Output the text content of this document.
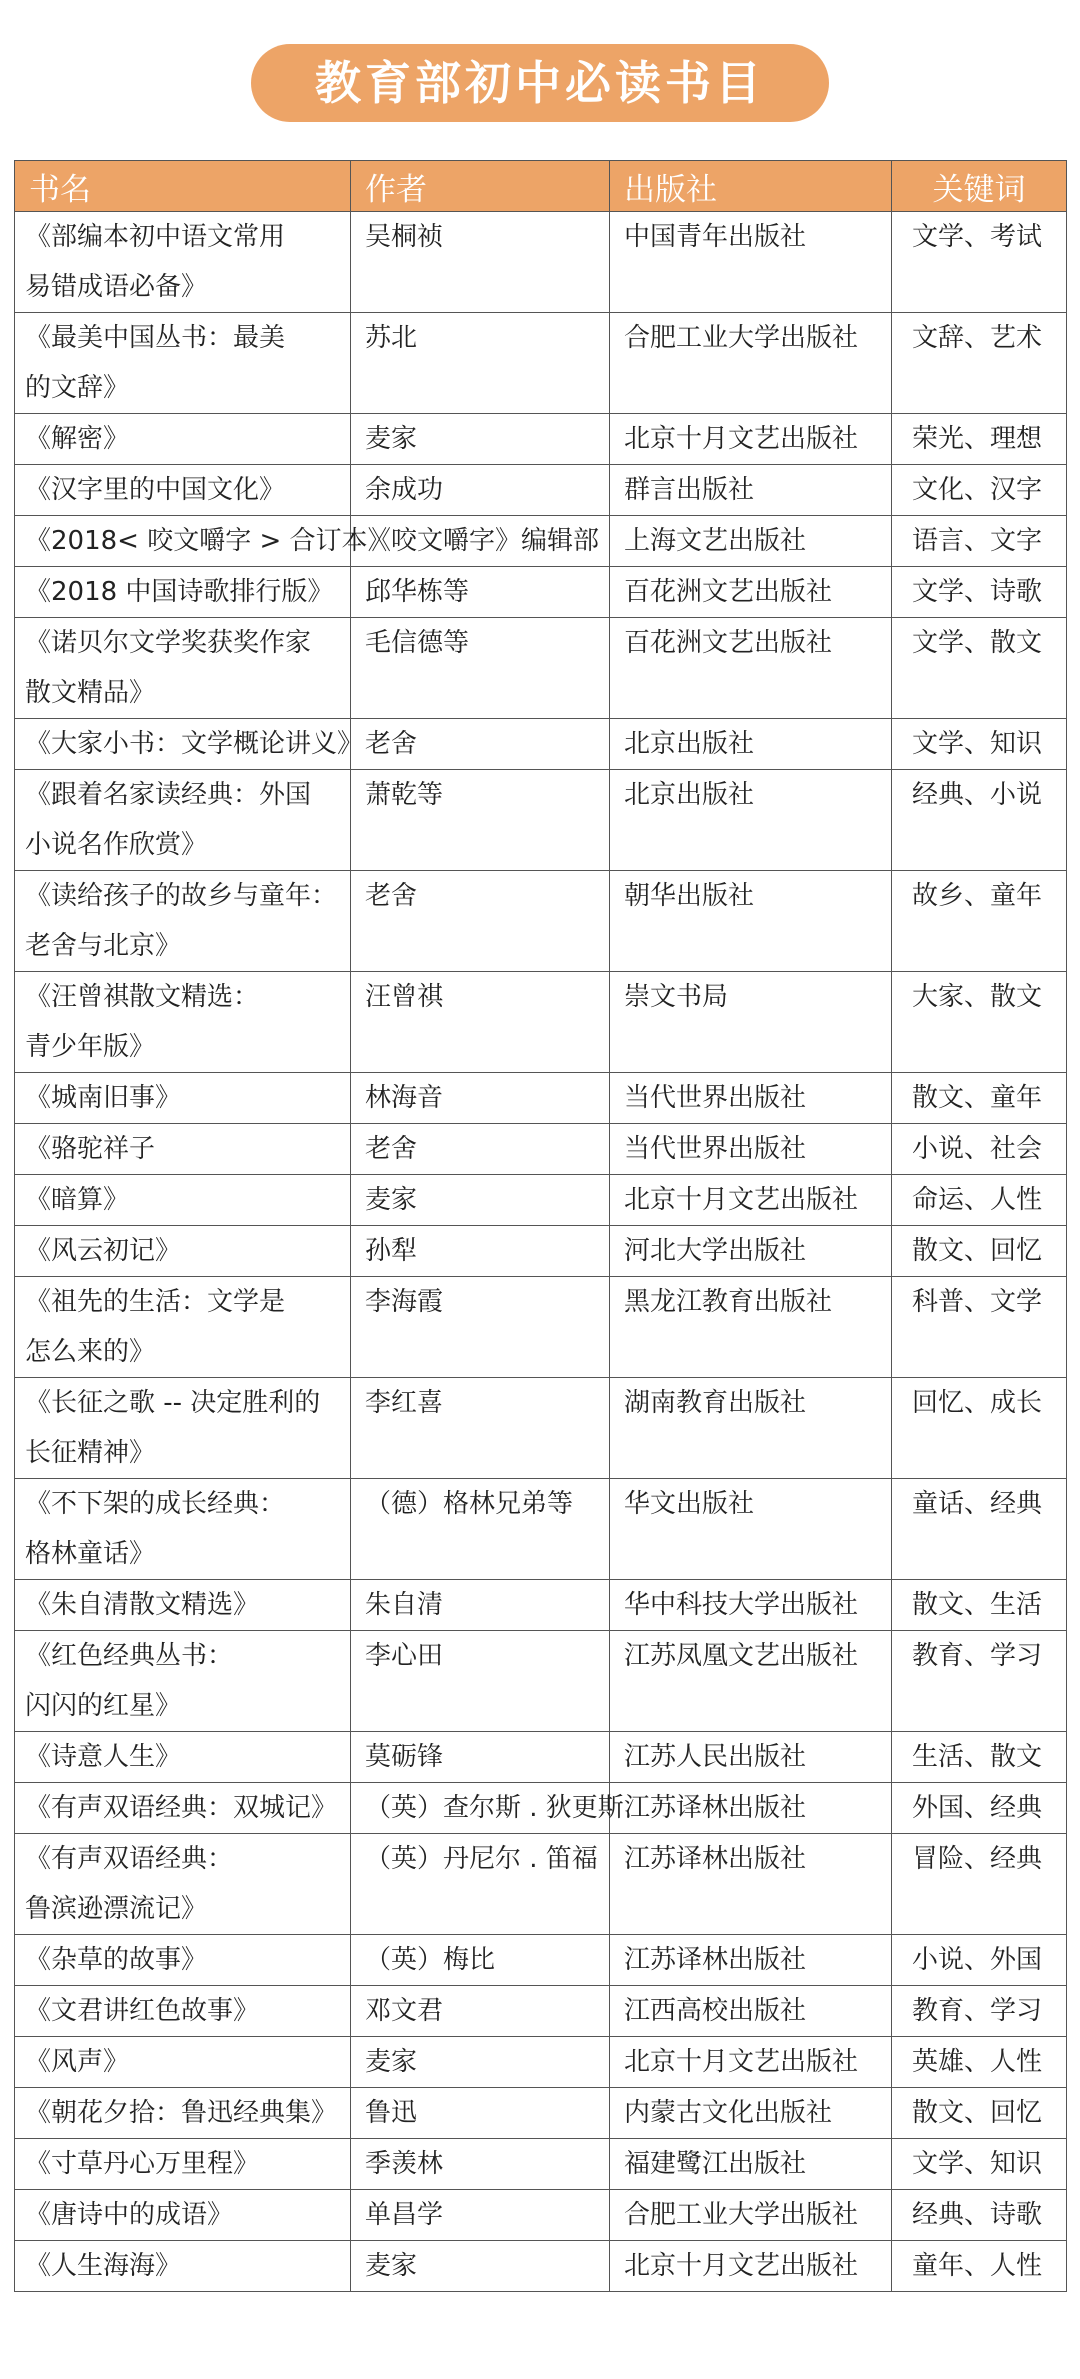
教育部初中必读书目
书名	作者	出版社	关键词

《部编本初中语文常用
易错成语必备》	吴桐祯	中国青年出版社	文学、考试

《最美中国丛书：最美
的文辞》	苏北	合肥工业大学出版社	文辞、艺术

《解密》	麦家	北京十月文艺出版社	荣光、理想

《汉字里的中国文化》	余成功	群言出版社	文化、汉字

《2018< 咬文嚼字 > 合订本》	《咬文嚼字》编辑部	上海文艺出版社	语言、文字

《2018 中国诗歌排行版》	邱华栋等	百花洲文艺出版社	文学、诗歌

《诺贝尔文学奖获奖作家
散文精品》	毛信德等	百花洲文艺出版社	文学、散文

《大家小书：文学概论讲义》	老舍	北京出版社	文学、知识

《跟着名家读经典：外国
小说名作欣赏》	萧乾等	北京出版社	经典、小说

《读给孩子的故乡与童年：
老舍与北京》	老舍	朝华出版社	故乡、童年

《汪曾祺散文精选：
青少年版》	汪曾祺	崇文书局	大家、散文

《城南旧事》	林海音	当代世界出版社	散文、童年

《骆驼祥子	老舍	当代世界出版社	小说、社会

《暗算》	麦家	北京十月文艺出版社	命运、人性

《风云初记》	孙犁	河北大学出版社	散文、回忆

《祖先的生活：文学是
怎么来的》	李海霞	黑龙江教育出版社	科普、文学

《长征之歌 -- 决定胜利的
长征精神》	李红喜	湖南教育出版社	回忆、成长

《不下架的成长经典：
格林童话》	（德）格林兄弟等	华文出版社	童话、经典

《朱自清散文精选》	朱自清	华中科技大学出版社	散文、生活

《红色经典丛书：
闪闪的红星》	李心田	江苏凤凰文艺出版社	教育、学习

《诗意人生》	莫砺锋	江苏人民出版社	生活、散文

《有声双语经典：双城记》	（英）查尔斯 . 狄更斯	江苏译林出版社	外国、经典

《有声双语经典：
鲁滨逊漂流记》	（英）丹尼尔 . 笛福	江苏译林出版社	冒险、经典

《杂草的故事》	（英）梅比	江苏译林出版社	小说、外国

《文君讲红色故事》	邓文君	江西高校出版社	教育、学习

《风声》	麦家	北京十月文艺出版社	英雄、人性

《朝花夕拾：鲁迅经典集》	鲁迅	内蒙古文化出版社	散文、回忆

《寸草丹心万里程》	季羡林	福建鹭江出版社	文学、知识

《唐诗中的成语》	单昌学	合肥工业大学出版社	经典、诗歌

《人生海海》	麦家	北京十月文艺出版社	童年、人性
